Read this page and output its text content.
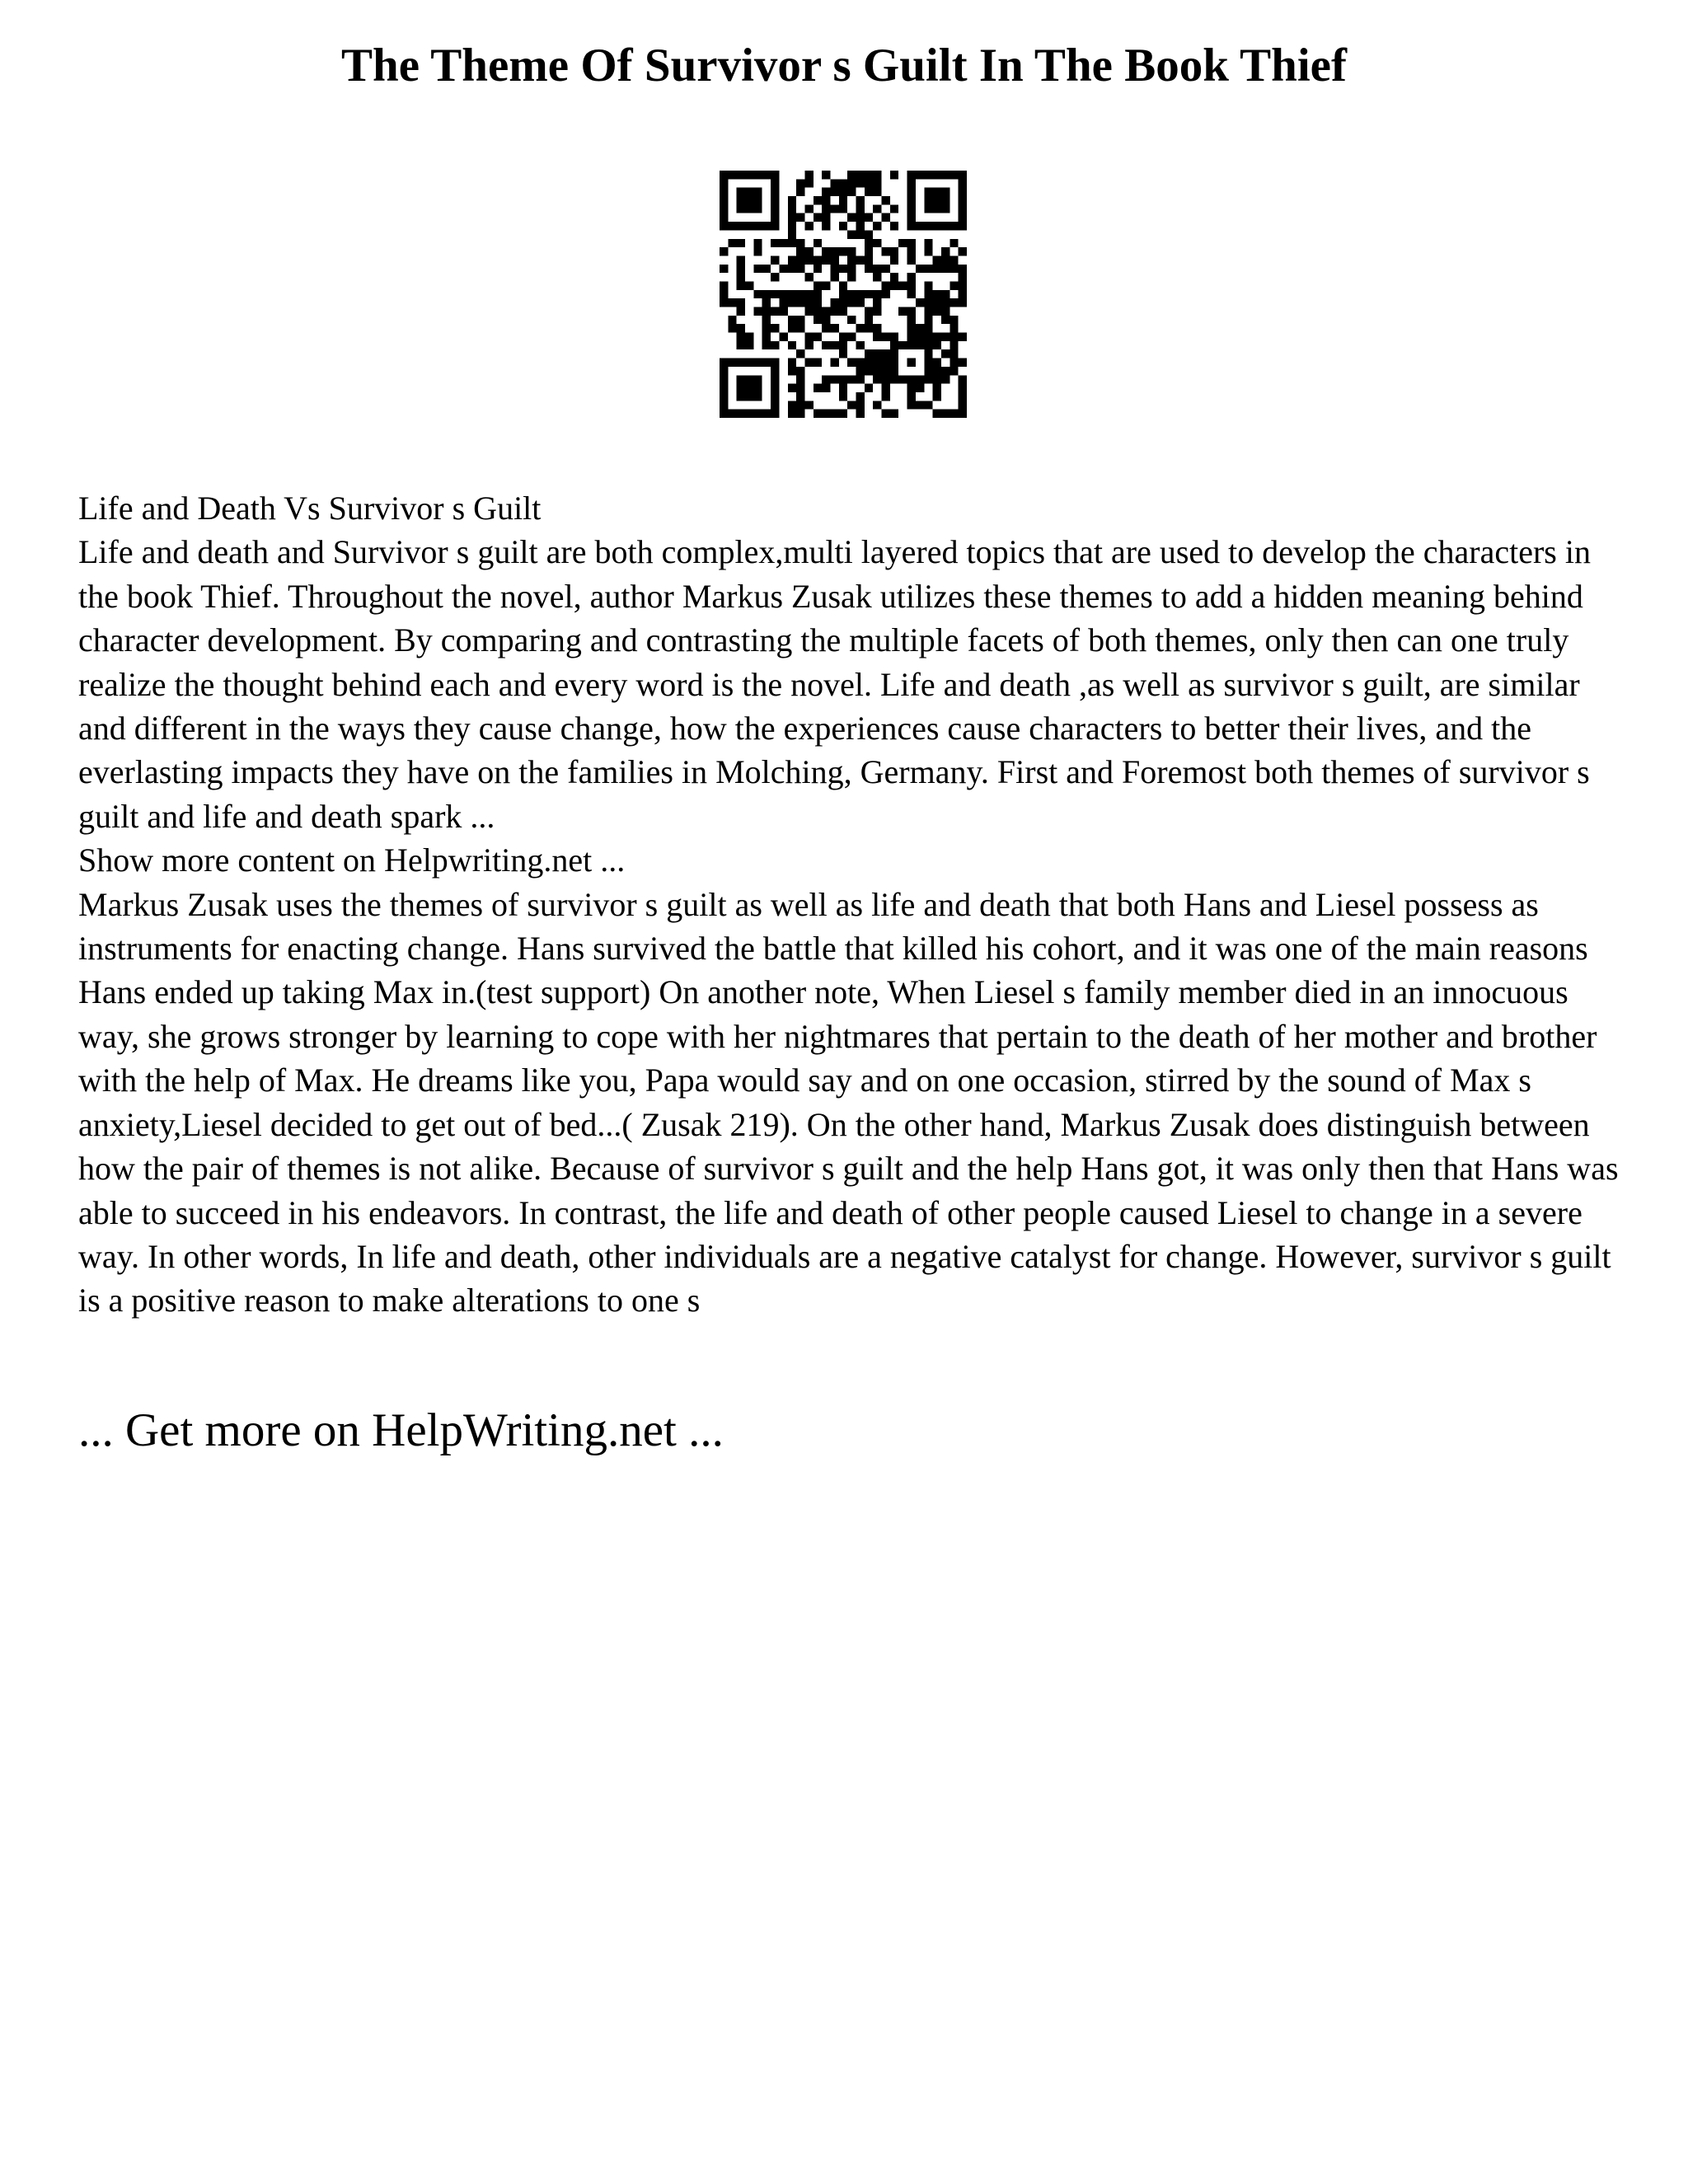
The Theme Of Survivor s Guilt In The Book Thief

Life and Death Vs Survivor s Guilt

Life and death and Survivor s guilt are both complex,multi layered topics that are used to develop the characters in the book Thief. Throughout the novel, author Markus Zusak utilizes these themes to add a hidden meaning behind character development. By comparing and contrasting the multiple facets of both themes, only then can one truly realize the thought behind each and every word is the novel. Life and death ,as well as survivor s guilt, are similar and different in the ways they cause change, how the experiences cause characters to better their lives, and the everlasting impacts they have on the families in Molching, Germany. First and Foremost both themes of survivor s guilt and life and death spark ...

Show more content on Helpwriting.net ...

Markus Zusak uses the themes of survivor s guilt as well as life and death that both Hans and Liesel possess as instruments for enacting change. Hans survived the battle that killed his cohort, and it was one of the main reasons Hans ended up taking Max in.(test support) On another note, When Liesel s family member died in an innocuous way, she grows stronger by learning to cope with her nightmares that pertain to the death of her mother and brother with the help of Max. He dreams like you, Papa would say and on one occasion, stirred by the sound of Max s anxiety,Liesel decided to get out of bed...( Zusak 219). On the other hand, Markus Zusak does distinguish between how the pair of themes is not alike. Because of survivor s guilt and the help Hans got, it was only then that Hans was able to succeed in his endeavors. In contrast, the life and death of other people caused Liesel to change in a severe way. In other words, In life and death, other individuals are a negative catalyst for change. However, survivor s guilt is a positive reason to make alterations to one s

... Get more on HelpWriting.net ...
